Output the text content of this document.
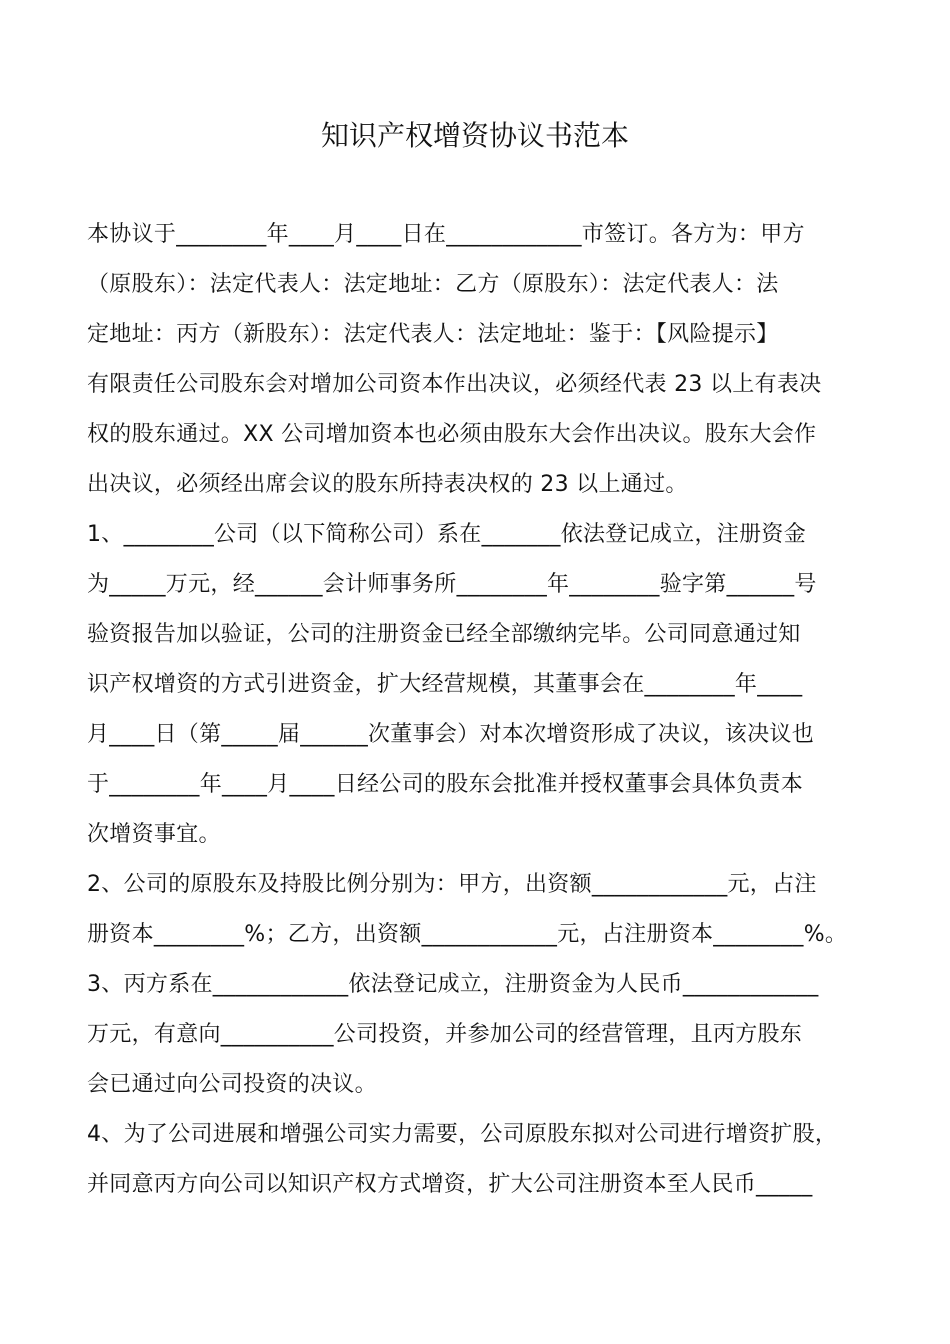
知识产权增资协议书范本
本协议于________年____月____日在____________市签订。各方为：甲方
（原股东）：法定代表人：法定地址：乙方（原股东）：法定代表人：法
定地址：丙方（新股东）：法定代表人：法定地址：鉴于：【风险提示】
有限责任公司股东会对增加公司资本作出决议，必须经代表 23 以上有表决
权的股东通过。XX 公司增加资本也必须由股东大会作出决议。股东大会作
出决议，必须经出席会议的股东所持表决权的 23 以上通过。
1、________公司（以下简称公司）系在_______依法登记成立，注册资金
为_____万元，经______会计师事务所________年________验字第______号
验资报告加以验证，公司的注册资金已经全部缴纳完毕。公司同意通过知
识产权增资的方式引进资金，扩大经营规模，其董事会在________年____
月____日（第_____届______次董事会）对本次增资形成了决议，该决议也
于________年____月____日经公司的股东会批准并授权董事会具体负责本
次增资事宜。
2、公司的原股东及持股比例分别为：甲方，出资额____________元，占注
册资本________%；乙方，出资额____________元，占注册资本________%。
3、丙方系在____________依法登记成立，注册资金为人民币____________
万元，有意向__________公司投资，并参加公司的经营管理，且丙方股东
会已通过向公司投资的决议。
4、为了公司进展和增强公司实力需要，公司原股东拟对公司进行增资扩股，
并同意丙方向公司以知识产权方式增资，扩大公司注册资本至人民币_____
